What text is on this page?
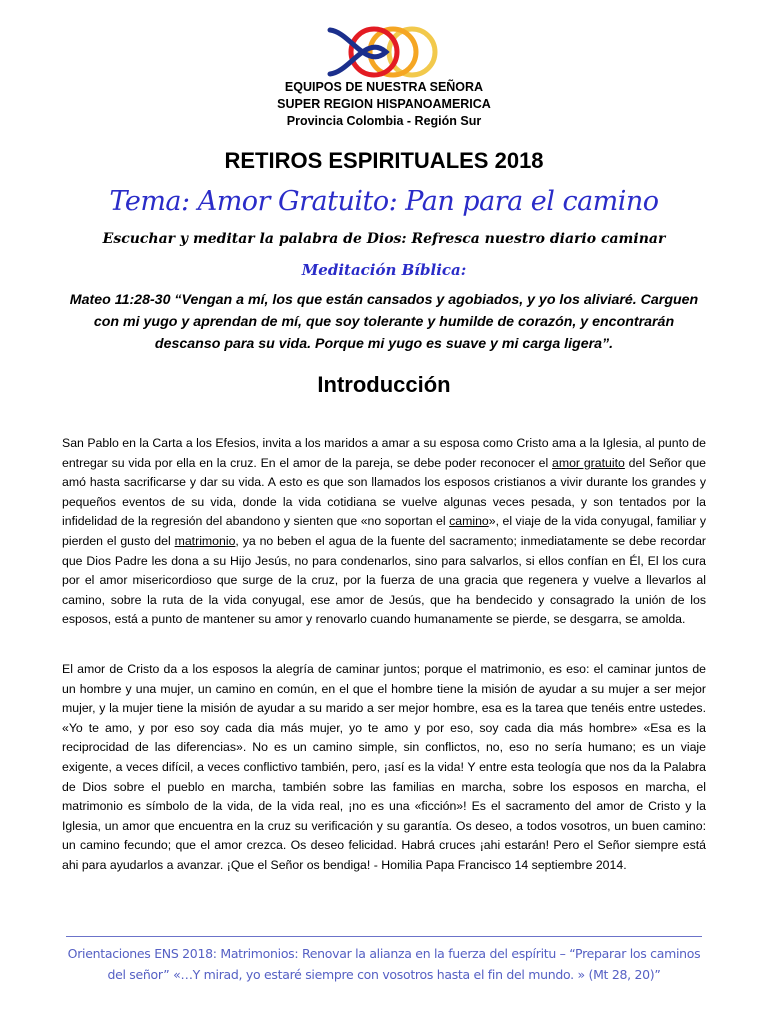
EQUIPOS DE NUESTRA SEÑORA
SUPER REGION HISPANOAMERICA
Provincia Colombia - Región Sur
RETIROS ESPIRITUALES 2018
Tema: Amor Gratuito: Pan para el camino
Escuchar y meditar la palabra de Dios: Refresca nuestro diario caminar
Meditación Bíblica:
Mateo 11:28-30 “Vengan a mí, los que están cansados y agobiados, y yo los aliviaré. Carguen con mi yugo y aprendan de mí, que soy tolerante y humilde de corazón, y encontrarán descanso para su vida. Porque mi yugo es suave y mi carga ligera”.
Introducción
San Pablo en la Carta a los Efesios, invita a los maridos a amar a su esposa como Cristo ama a la Iglesia, al punto de entregar su vida por ella en la cruz. En el amor de la pareja, se debe poder reconocer el amor gratuito del Señor que amó hasta sacrificarse y dar su vida. A esto es que son llamados los esposos cristianos a vivir durante los grandes y pequeños eventos de su vida, donde la vida cotidiana se vuelve algunas veces pesada, y son tentados por la infidelidad de la regresión del abandono y sienten que «no soportan el camino», el viaje de la vida conyugal, familiar y pierden el gusto del matrimonio, ya no beben el agua de la fuente del sacramento; inmediatamente se debe recordar que Dios Padre les dona a su Hijo Jesús, no para condenarlos, sino para salvarlos, si ellos confían en Él, El los cura por el amor misericordioso que surge de la cruz, por la fuerza de una gracia que regenera y vuelve a llevarlos al camino, sobre la ruta de la vida conyugal, ese amor de Jesús, que ha bendecido y consagrado la unión de los esposos, está a punto de mantener su amor y renovarlo cuando humanamente se pierde, se desgarra, se amolda.
El amor de Cristo da a los esposos la alegría de caminar juntos; porque el matrimonio, es eso: el caminar juntos de un hombre y una mujer, un camino en común, en el que el hombre tiene la misión de ayudar a su mujer a ser mejor mujer, y la mujer tiene la misión de ayudar a su marido a ser mejor hombre, esa es la tarea que tenéis entre ustedes. «Yo te amo, y por eso soy cada dia más mujer, yo te amo y por eso, soy cada dia más hombre» «Esa es la reciprocidad de las diferencias». No es un camino simple, sin conflictos, no, eso no sería humano; es un viaje exigente, a veces difícil, a veces conflictivo también, pero, ¡así es la vida! Y entre esta teología que nos da la Palabra de Dios sobre el pueblo en marcha, también sobre las familias en marcha, sobre los esposos en marcha, el matrimonio es símbolo de la vida, de la vida real, ¡no es una «ficción»! Es el sacramento del amor de Cristo y la Iglesia, un amor que encuentra en la cruz su verificación y su garantía. Os deseo, a todos vosotros, un buen camino: un camino fecundo; que el amor crezca. Os deseo felicidad. Habrá cruces ¡ahi estarán! Pero el Señor siempre está ahi para ayudarlos a avanzar. ¡Que el Señor os bendiga! - Homilia Papa Francisco 14 septiembre 2014.
Orientaciones ENS 2018: Matrimonios: Renovar la alianza en la fuerza del espíritu – “Preparar los caminos del señor” «…Y mirad, yo estaré siempre con vosotros hasta el fin del mundo. » (Mt 28, 20)”
